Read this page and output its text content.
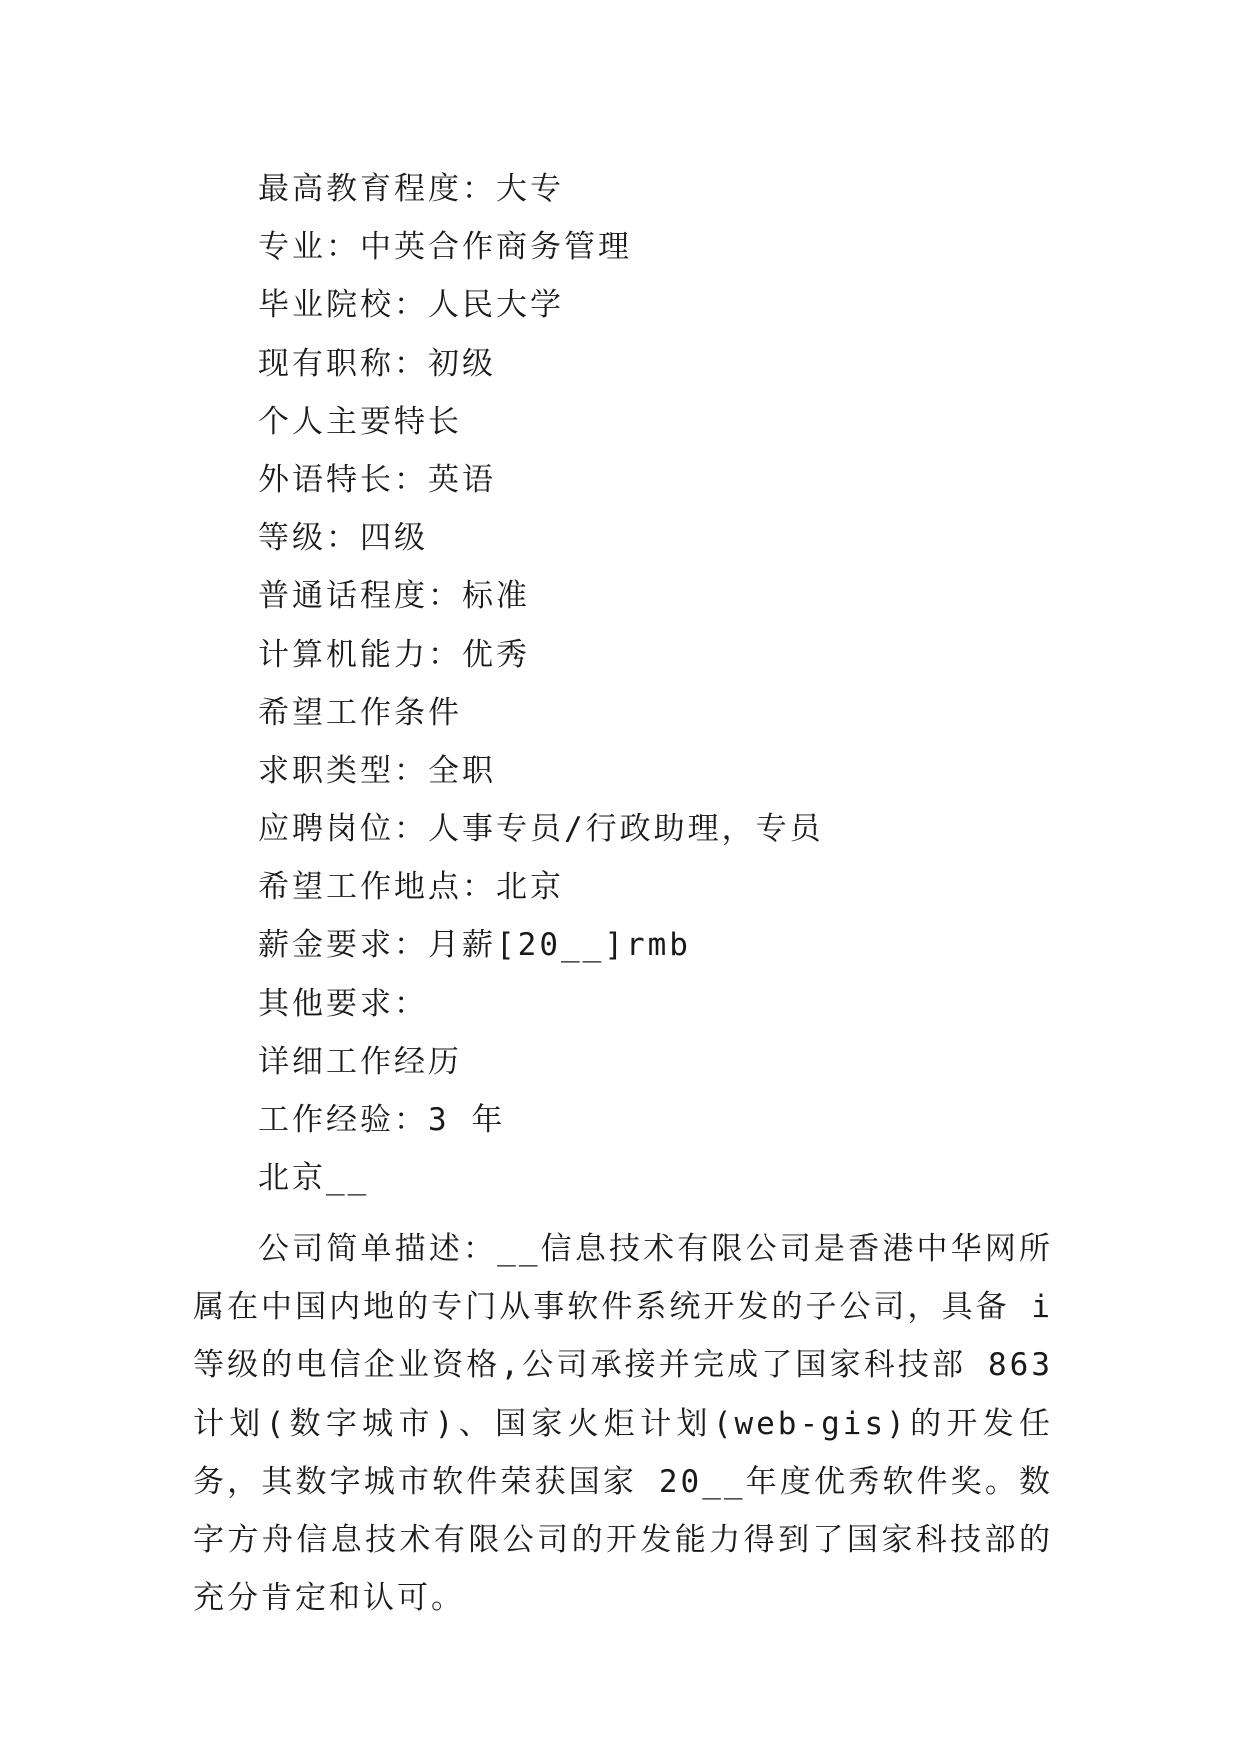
最高教育程度：大专
专业：中英合作商务管理
毕业院校：人民大学
现有职称：初级
个人主要特长
外语特长：英语
等级：四级
普通话程度：标准
计算机能力：优秀
希望工作条件
求职类型：全职
应聘岗位：人事专员/行政助理，专员
希望工作地点：北京
薪金要求：月薪[20__]rmb
其他要求：
详细工作经历
工作经验：3 年
北京__

公司简单描述：__信息技术有限公司是香港中华网所属在中国内地的专门从事软件系统开发的子公司，具备 i 等级的电信企业资格,公司承接并完成了国家科技部 863 计划(数字城市)、国家火炬计划(web-gis)的开发任务，其数字城市软件荣获国家 20__年度优秀软件奖。数字方舟信息技术有限公司的开发能力得到了国家科技部的充分肯定和认可。
